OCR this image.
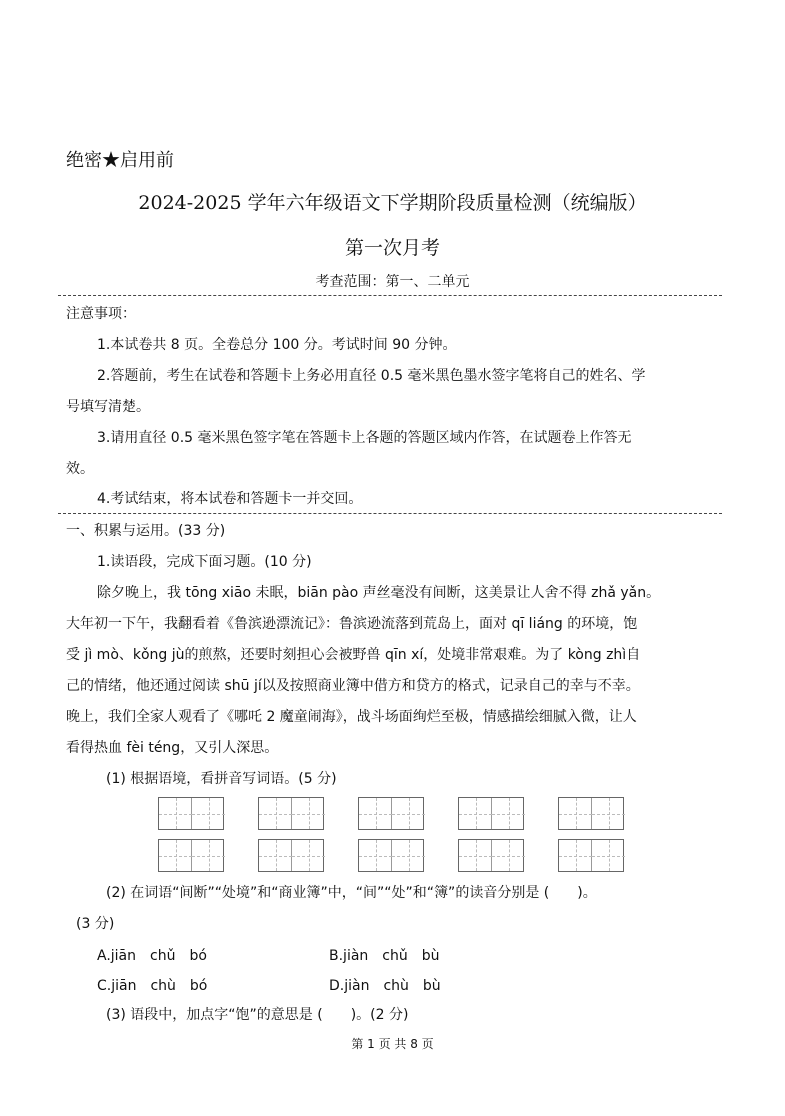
绝密★启用前
2024-2025 学年六年级语文下学期阶段质量检测（统编版）
第一次月考
考查范围：第一、二单元
注意事项：
1.本试卷共 8 页。全卷总分 100 分。考试时间 90 分钟。
2.答题前，考生在试卷和答题卡上务必用直径 0.5 毫米黑色墨水签字笔将自己的姓名、学
号填写清楚。
3.请用直径 0.5 毫米黑色签字笔在答题卡上各题的答题区域内作答，在试题卷上作答无
效。
4.考试结束，将本试卷和答题卡一并交回。
一、积累与运用。(33 分)
1.读语段，完成下面习题。(10 分)
除夕晚上，我 tōng xiāo 未眠，biān pào 声丝毫没有间断，这美景让人舍不得 zhǎ yǎn。
大年初一下午，我翻看着《鲁滨逊漂流记》：鲁滨逊流落到荒岛上，面对 qī liáng 的环境，饱
受 jì mò、kǒng jù的煎熬，还要时刻担心会被野兽 qīn xí，处境非常艰难。为了 kòng zhì自
己的情绪，他还通过阅读 shū jí以及按照商业簿中借方和贷方的格式，记录自己的幸与不幸。
晚上，我们全家人观看了《哪吒 2 魔童闹海》，战斗场面绚烂至极，情感描绘细腻入微，让人
看得热血 fèi téng，又引人深思。
(1) 根据语境，看拼音写词语。(5 分)
(2) 在词语“间断”“处境”和“商业簿”中，“间”“处”和“簿”的读音分别是 (　　)。
(3 分)
A.jiān　chǔ　bó	B.jiàn　chǔ　bù
C.jiān　chù　bó	D.jiàn　chù　bù
(3) 语段中，加点字“饱”的意思是 (　　)。(2 分)
第 1 页 共 8 页
